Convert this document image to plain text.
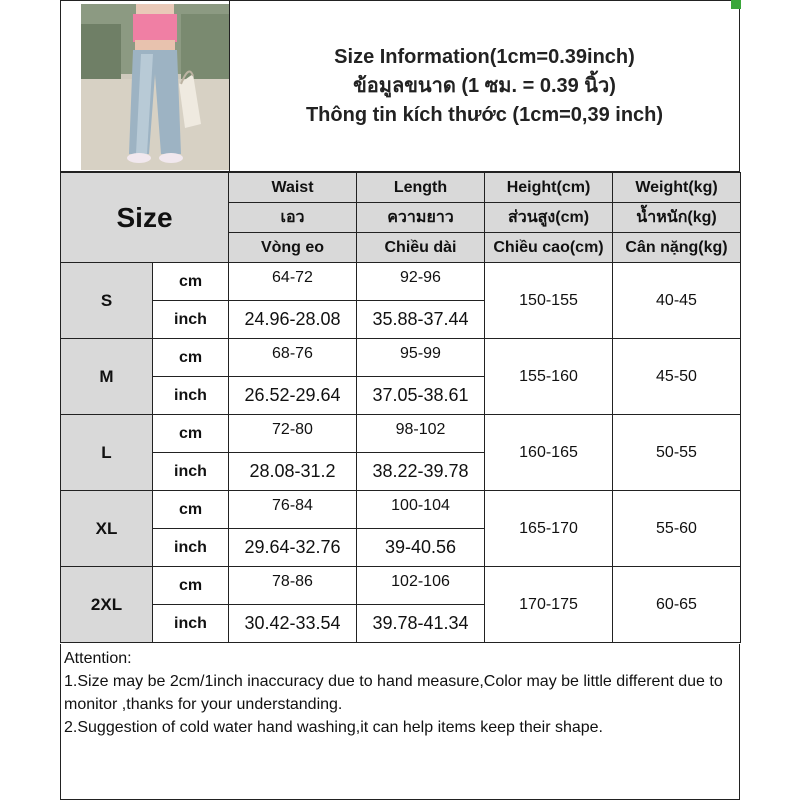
Size Information(1cm=0.39inch)
ข้อมูลขนาด (1 ซม. = 0.39 นิ้ว)
Thông tin kích thước (1cm=0,39 inch)
Size		Waist	Length	Height(cm)	Weight(kg)
		เอว	ความยาว	ส่วนสูง(cm)	น้ำหนัก(kg)
		Vòng eo	Chiều dài	Chiều cao(cm)	Cân nặng(kg)
S	cm	64-72	92-96	150-155	40-45
	inch	24.96-28.08	35.88-37.44		
M	cm	68-76	95-99	155-160	45-50
	inch	26.52-29.64	37.05-38.61		
L	cm	72-80	98-102	160-165	50-55
	inch	28.08-31.2	38.22-39.78		
XL	cm	76-84	100-104	165-170	55-60
	inch	29.64-32.76	39-40.56		
2XL	cm	78-86	102-106	170-175	60-65
	inch	30.42-33.54	39.78-41.34		

Attention:

1.Size may be 2cm/1inch inaccuracy due to hand measure,Color may be little different due to monitor ,thanks for your understanding.

2.Suggestion of cold water hand washing,it can help items keep their shape.
